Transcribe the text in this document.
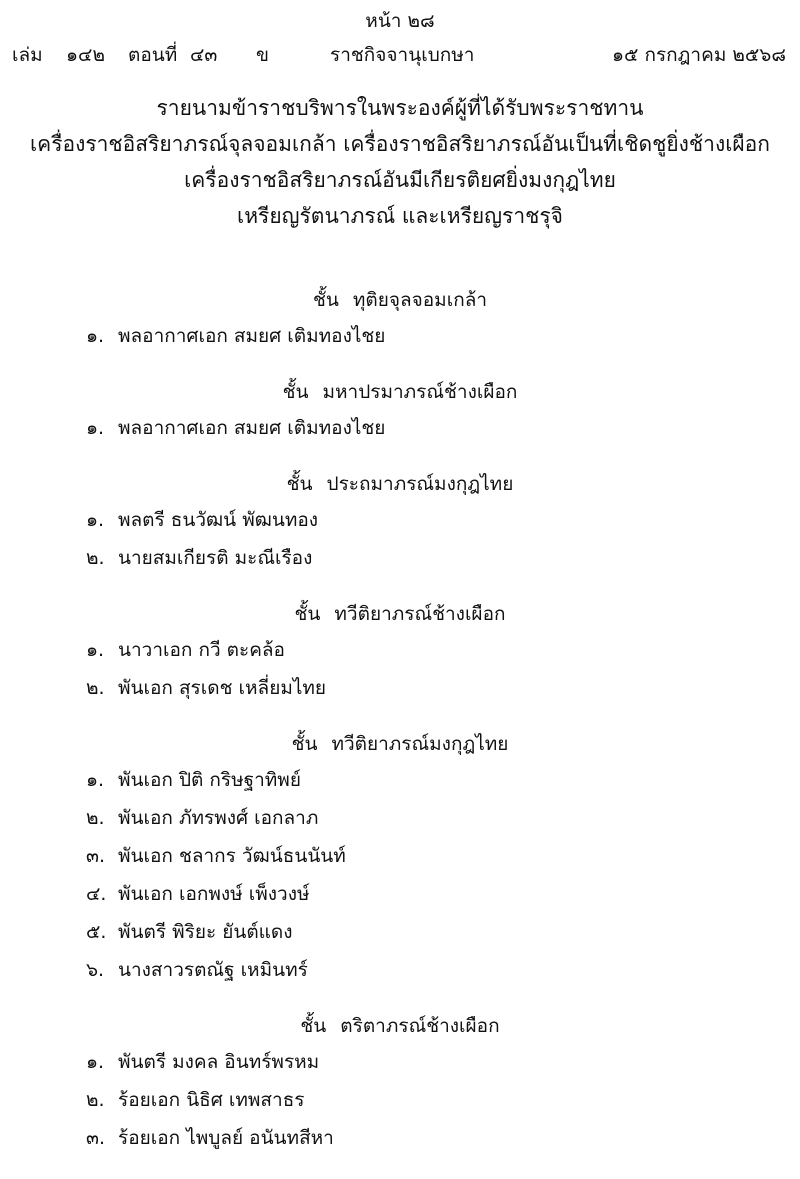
หน้า ๒๘
เล่ม ๑๔๒ ตอนที่ ๔๓ ข	ราชกิจจานุเบกษา	๑๕ กรกฎาคม ๒๕๖๘
รายนามข้าราชบริพารในพระองค์ผู้ที่ได้รับพระราชทาน
เครื่องราชอิสริยาภรณ์จุลจอมเกล้า เครื่องราชอิสริยาภรณ์อันเป็นที่เชิดชูยิ่งช้างเผือก
เครื่องราชอิสริยาภรณ์อันมีเกียรติยศยิ่งมงกุฎไทย
เหรียญรัตนาภรณ์ และเหรียญราชรุจิ
ชั้น ทุติยจุลจอมเกล้า
๑. พลอากาศเอก สมยศ เติมทองไชย
ชั้น มหาปรมาภรณ์ช้างเผือก
๑. พลอากาศเอก สมยศ เติมทองไชย
ชั้น ประถมาภรณ์มงกุฎไทย
๑. พลตรี ธนวัฒน์ พัฒนทอง
๒. นายสมเกียรติ มะณีเรือง
ชั้น ทวีติยาภรณ์ช้างเผือก
๑. นาวาเอก กวี ตะคล้อ
๒. พันเอก สุรเดช เหลี่ยมไทย
ชั้น ทวีติยาภรณ์มงกุฎไทย
๑. พันเอก ปิติ กริษฐาทิพย์
๒. พันเอก ภัทรพงศ์ เอกลาภ
๓. พันเอก ชลากร วัฒน์ธนนันท์
๔. พันเอก เอกพงษ์ เพ็งวงษ์
๕. พันตรี พิริยะ ยันต์แดง
๖. นางสาวรตณัฐ เหมินทร์
ชั้น ตริตาภรณ์ช้างเผือก
๑. พันตรี มงคล อินทร์พรหม
๒. ร้อยเอก นิธิศ เทพสาธร
๓. ร้อยเอก ไพบูลย์ อนันทสีหา
